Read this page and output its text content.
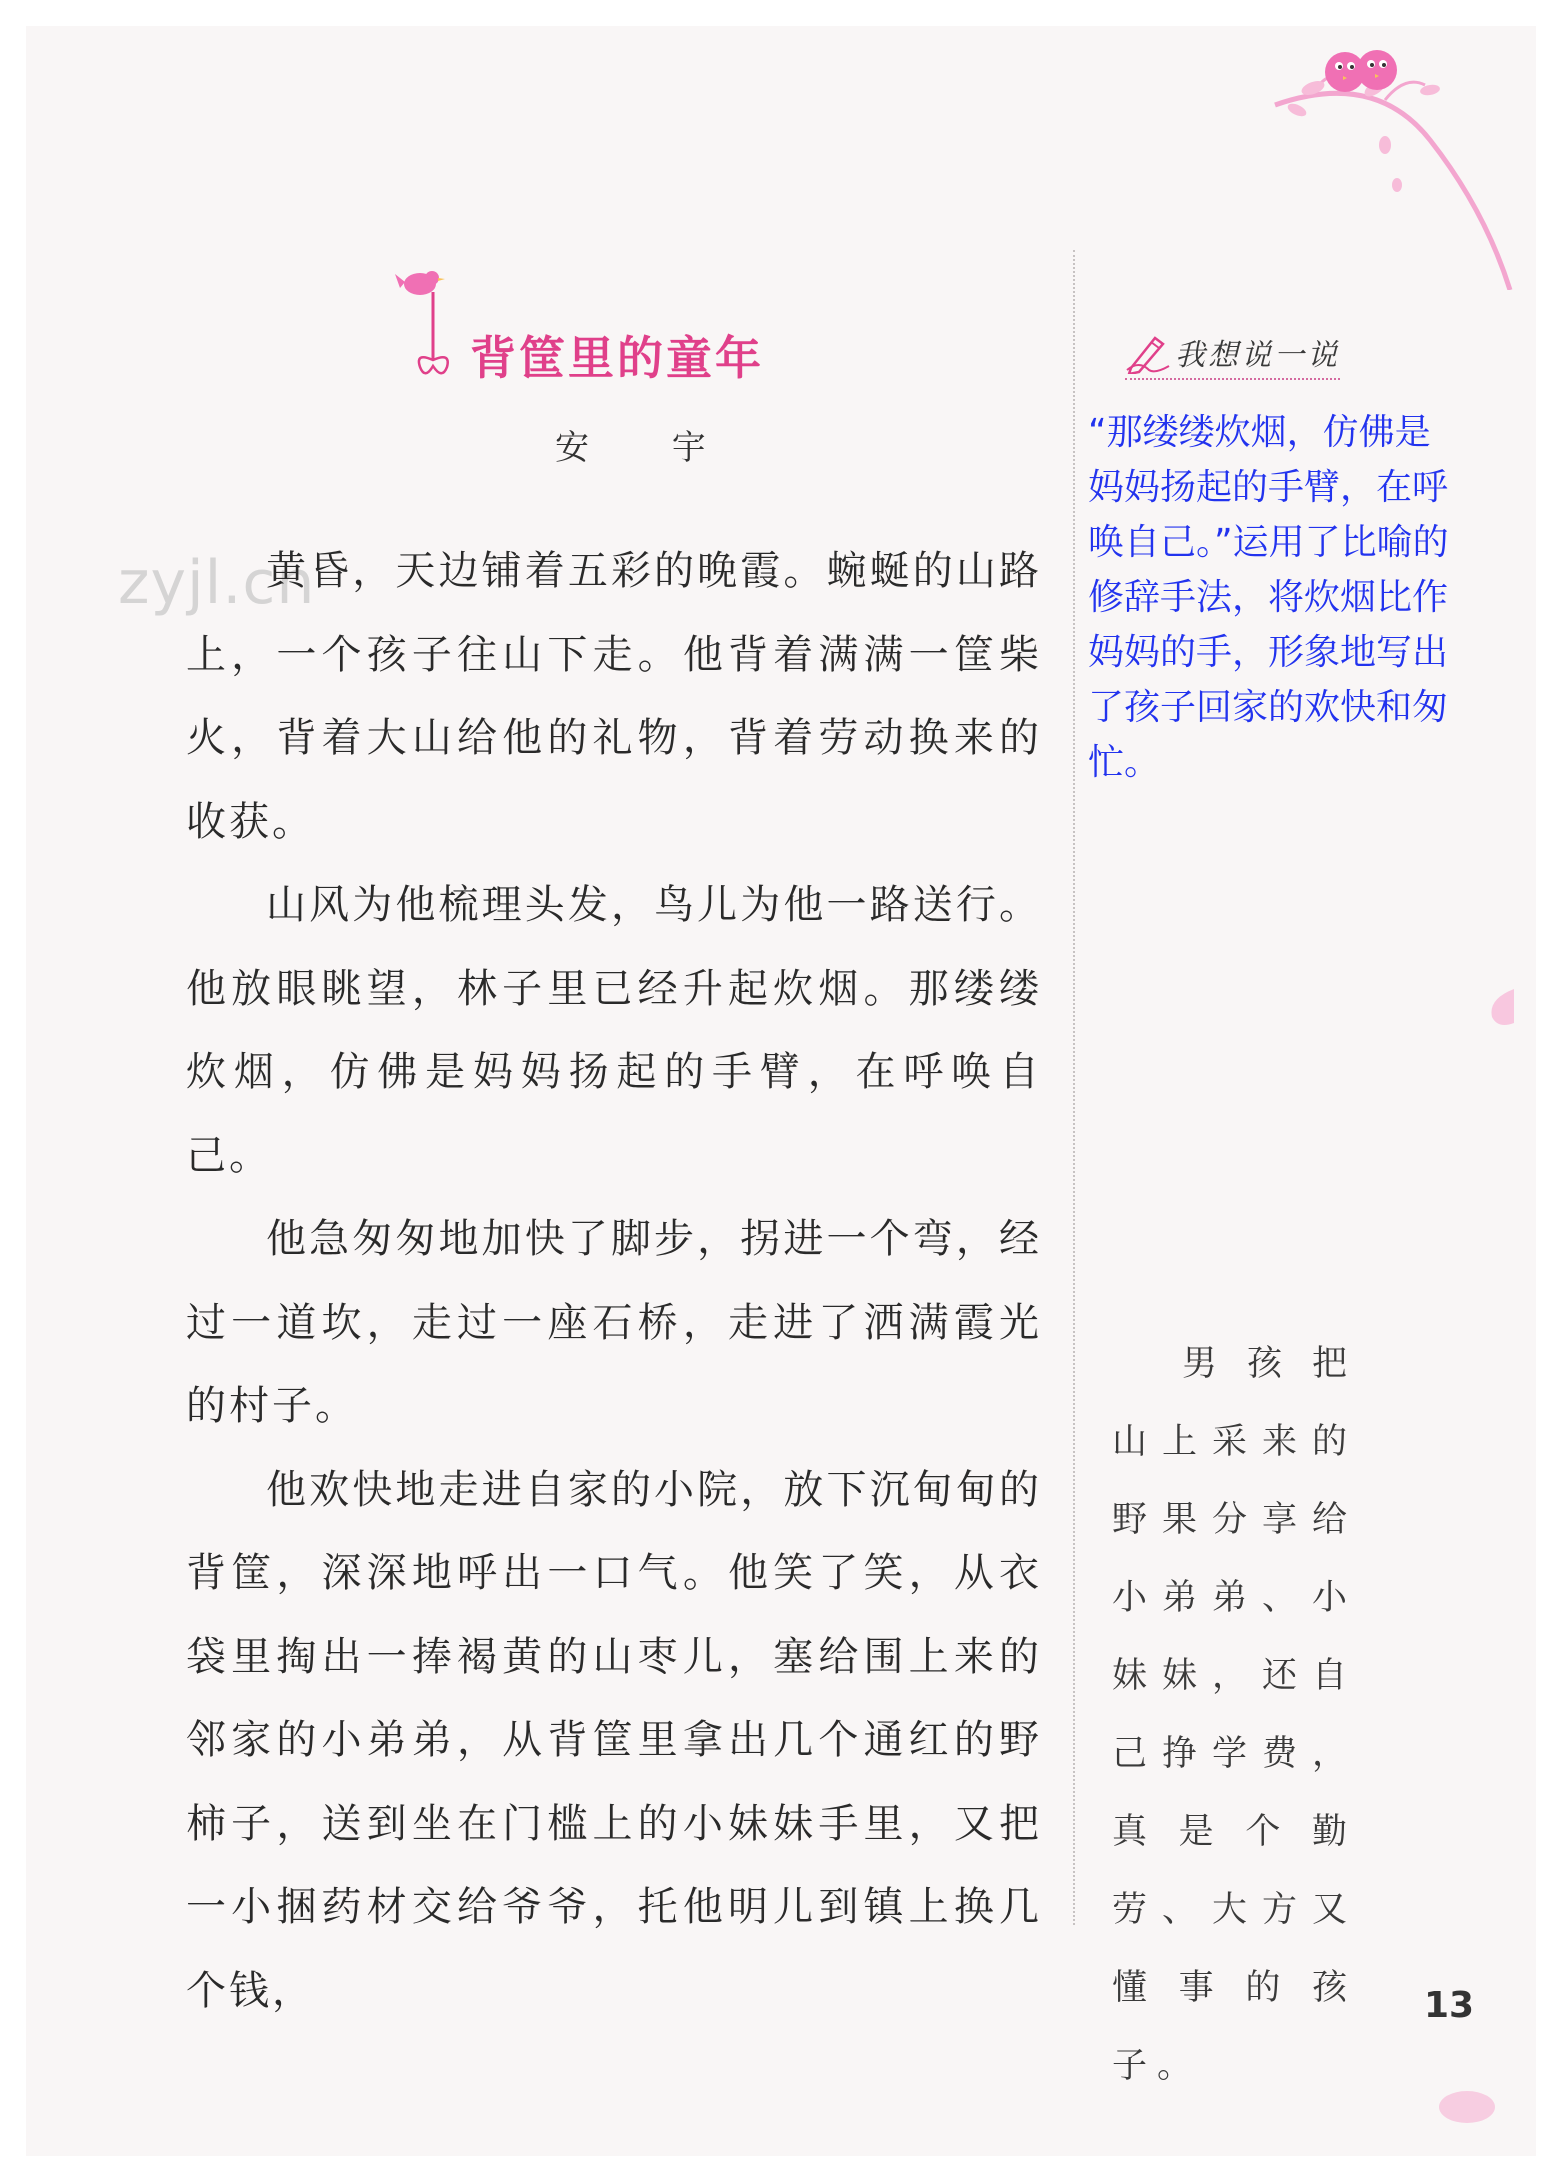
背筐里的童年
安 宇
zyjl.cn

黄昏，天边铺着五彩的晚霞。蜿蜒的山路上，一个孩子往山下走。他背着满满一筐柴火，背着大山给他的礼物，背着劳动换来的收获。

山风为他梳理头发，鸟儿为他一路送行。他放眼眺望，林子里已经升起炊烟。那缕缕炊烟，仿佛是妈妈扬起的手臂，在呼唤自己。

他急匆匆地加快了脚步，拐进一个弯，经过一道坎，走过一座石桥，走进了洒满霞光的村子。

他欢快地走进自家的小院，放下沉甸甸的背筐，深深地呼出一口气。他笑了笑，从衣袋里掏出一捧褐黄的山枣儿，塞给围上来的邻家的小弟弟，从背筐里拿出几个通红的野柿子，送到坐在门槛上的小妹妹手里，又把一小捆药材交给爷爷，托他明儿到镇上换几个钱，

我想说一说
“那缕缕炊烟，仿佛是妈妈扬起的手臂，在呼唤自己。”运用了比喻的修辞手法，将炊烟比作妈妈的手，形象地写出了孩子回家的欢快和匆忙。
男孩把山上采来的野果分享给小弟弟、小妹妹，还自己挣学费，真是个勤劳、大方又懂事的孩子。
13
